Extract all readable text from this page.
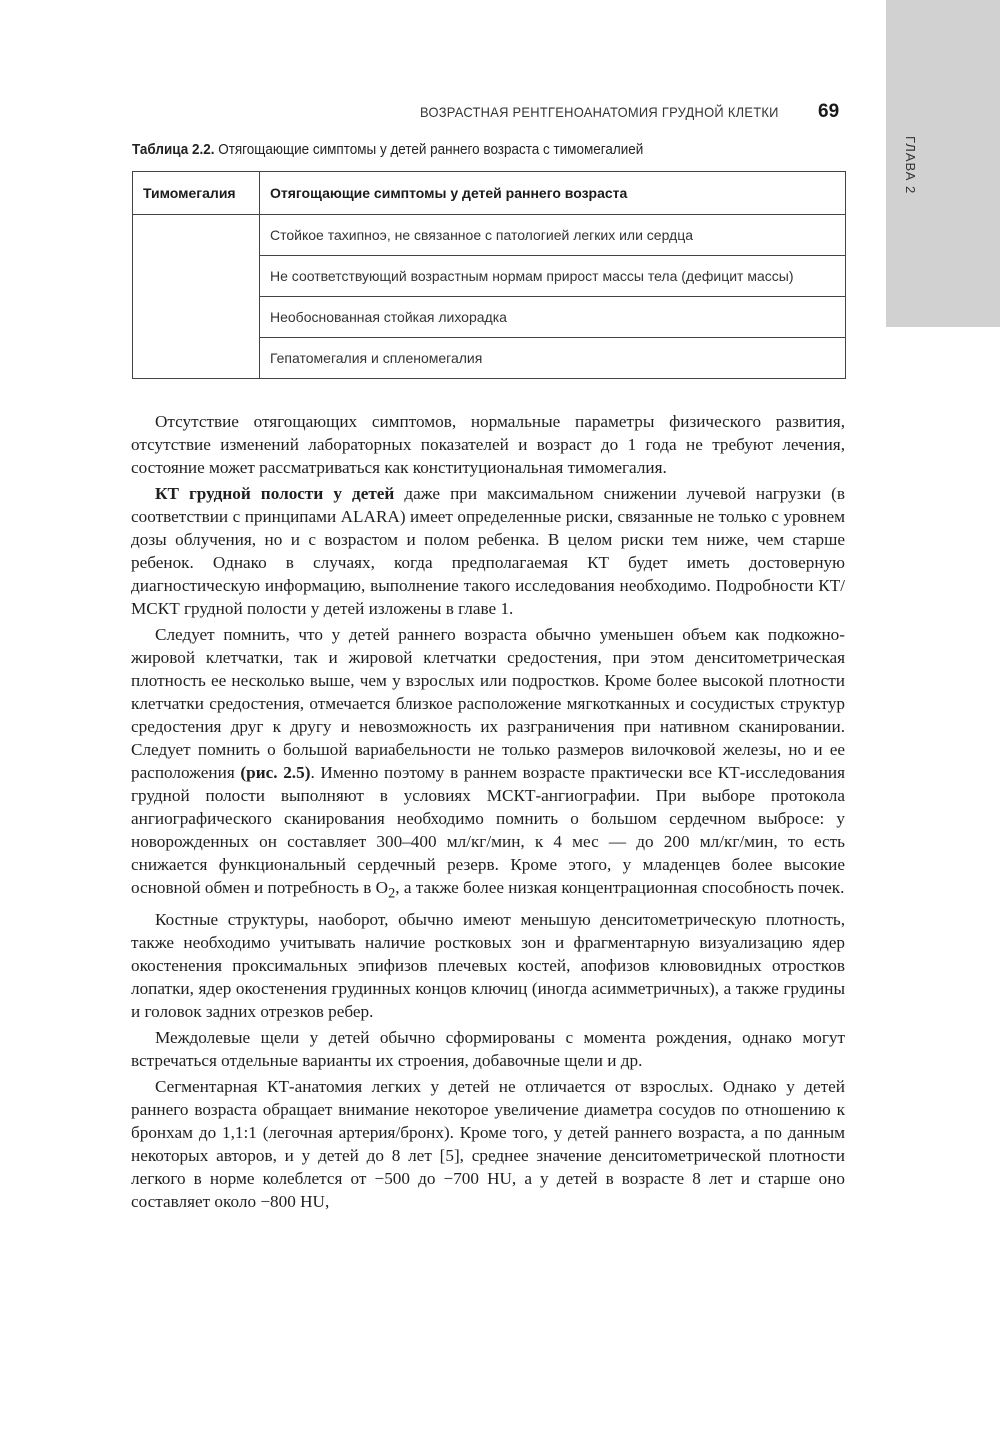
ГЛАВА 2
ВОЗРАСТНАЯ РЕНТГЕНОАНАТОМИЯ ГРУДНОЙ КЛЕТКИ 69
Таблица 2.2. Отягощающие симптомы у детей раннего возраста с тимомегалией
Тимомегалия	Отягощающие симптомы у детей раннего возраста
	Стойкое тахипноэ, не связанное с патологией легких или сердца
	Не соответствующий возрастным нормам прирост массы тела (дефицит массы)
	Необоснованная стойкая лихорадка
	Гепатомегалия и спленомегалия

Отсутствие отягощающих симптомов, нормальные параметры физического развития, отсутствие изменений лабораторных показателей и возраст до 1 года не требуют лечения, состояние может рассматриваться как конституциональная тимомегалия.

КТ грудной полости у детей даже при максимальном снижении лучевой нагрузки (в соответствии с принципами ALARA) имеет определенные риски, связанные не только с уровнем дозы облучения, но и с возрастом и полом ребенка. В целом риски тем ниже, чем старше ребенок. Однако в случаях, когда предполагаемая КТ будет иметь достоверную диагностическую информацию, выполнение такого исследования необходимо. Подробности КТ/МСКТ грудной полости у детей изложены в главе 1.

Следует помнить, что у детей раннего возраста обычно уменьшен объем как подкожно-жировой клетчатки, так и жировой клетчатки средостения, при этом денситометрическая плотность ее несколько выше, чем у взрослых или подростков. Кроме более высокой плотности клетчатки средостения, отмечается близкое расположение мягкотканных и сосудистых структур средостения друг к другу и невозможность их разграничения при нативном сканировании. Следует помнить о большой вариабельности не только размеров вилочковой железы, но и ее расположения (рис. 2.5). Именно поэтому в раннем возрасте практически все КТ-исследования грудной полости выполняют в условиях МСКТ-ангиографии. При выборе протокола ангиографического сканирования необходимо помнить о большом сердечном выбросе: у новорожденных он составляет 300–400 мл/кг/мин, к 4 мес — до 200 мл/кг/мин, то есть снижается функциональный сердечный резерв. Кроме этого, у младенцев более высокие основной обмен и потребность в $O_2$, а также более низкая концентрационная способность почек.

Костные структуры, наоборот, обычно имеют меньшую денситометрическую плотность, также необходимо учитывать наличие ростковых зон и фрагментарную визуализацию ядер окостенения проксимальных эпифизов плечевых костей, апофизов клювовидных отростков лопатки, ядер окостенения грудинных концов ключиц (иногда асимметричных), а также грудины и головок задних отрезков ребер.

Междолевые щели у детей обычно сформированы с момента рождения, однако могут встречаться отдельные варианты их строения, добавочные щели и др.

Сегментарная КТ-анатомия легких у детей не отличается от взрослых. Однако у детей раннего возраста обращает внимание некоторое увеличение диаметра сосудов по отношению к бронхам до 1,1:1 (легочная артерия/бронх). Кроме того, у детей раннего возраста, а по данным некоторых авторов, и у детей до 8 лет [5], среднее значение денситометрической плотности легкого в норме колеблется от −500 до −700 HU, а у детей в возрасте 8 лет и старше оно составляет около −800 HU,
